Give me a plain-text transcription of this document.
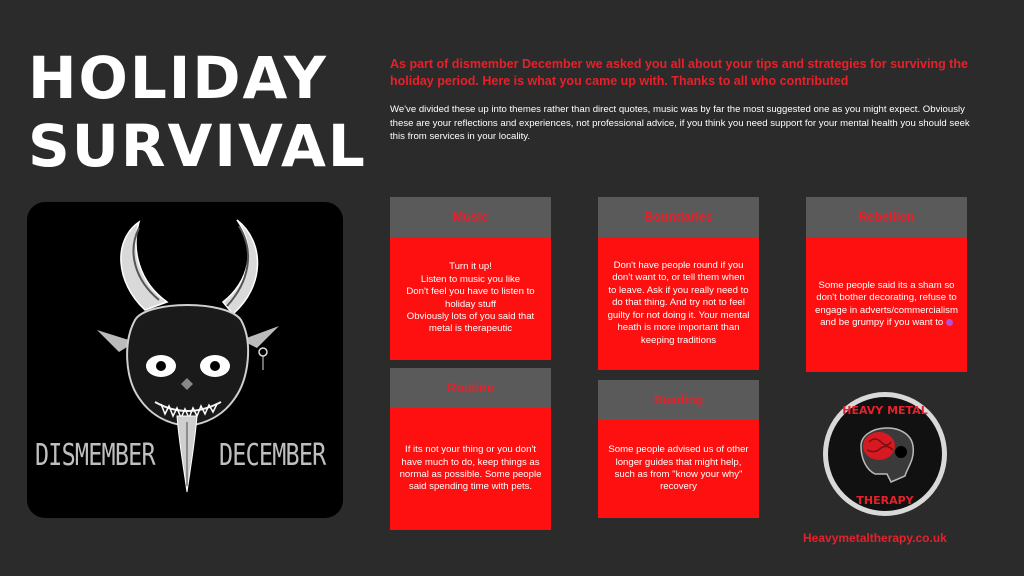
HOLIDAY
SURVIVAL
DISMEMBER DECEMBER
As part of dismember December we asked you all about your tips and strategies for surviving the holiday period. Here is what you came up with. Thanks to all who contributed
We've divided these up into themes rather than direct quotes, music was by far the most suggested one as you might expect. Obviously these are your reflections and experiences, not professional advice, if you think you need support for your mental health you should seek this from services in your locality.
Music
Turn it up!
Listen to music you like
Don't feel you have to listen to holiday stuff
Obviously lots of you said that metal is therapeutic
Boundaries
Don't have people round if you don't want to, or tell them when to leave. Ask if you really need to do that thing. And try not to feel guilty for not doing it. Your mental heath is more important than keeping traditions
Rebellion
Some people said its a sham so don't bother decorating, refuse to engage in adverts/commercialism and be grumpy if you want to
Routine
If its not your thing or you don't have much to do, keep things as normal as possible. Some people said spending time with pets.
Reading
Some people advised us of other longer guides that might help, such as from "know your why" recovery
HEAVY METAL
THERAPY
Heavymetaltherapy.co.uk
